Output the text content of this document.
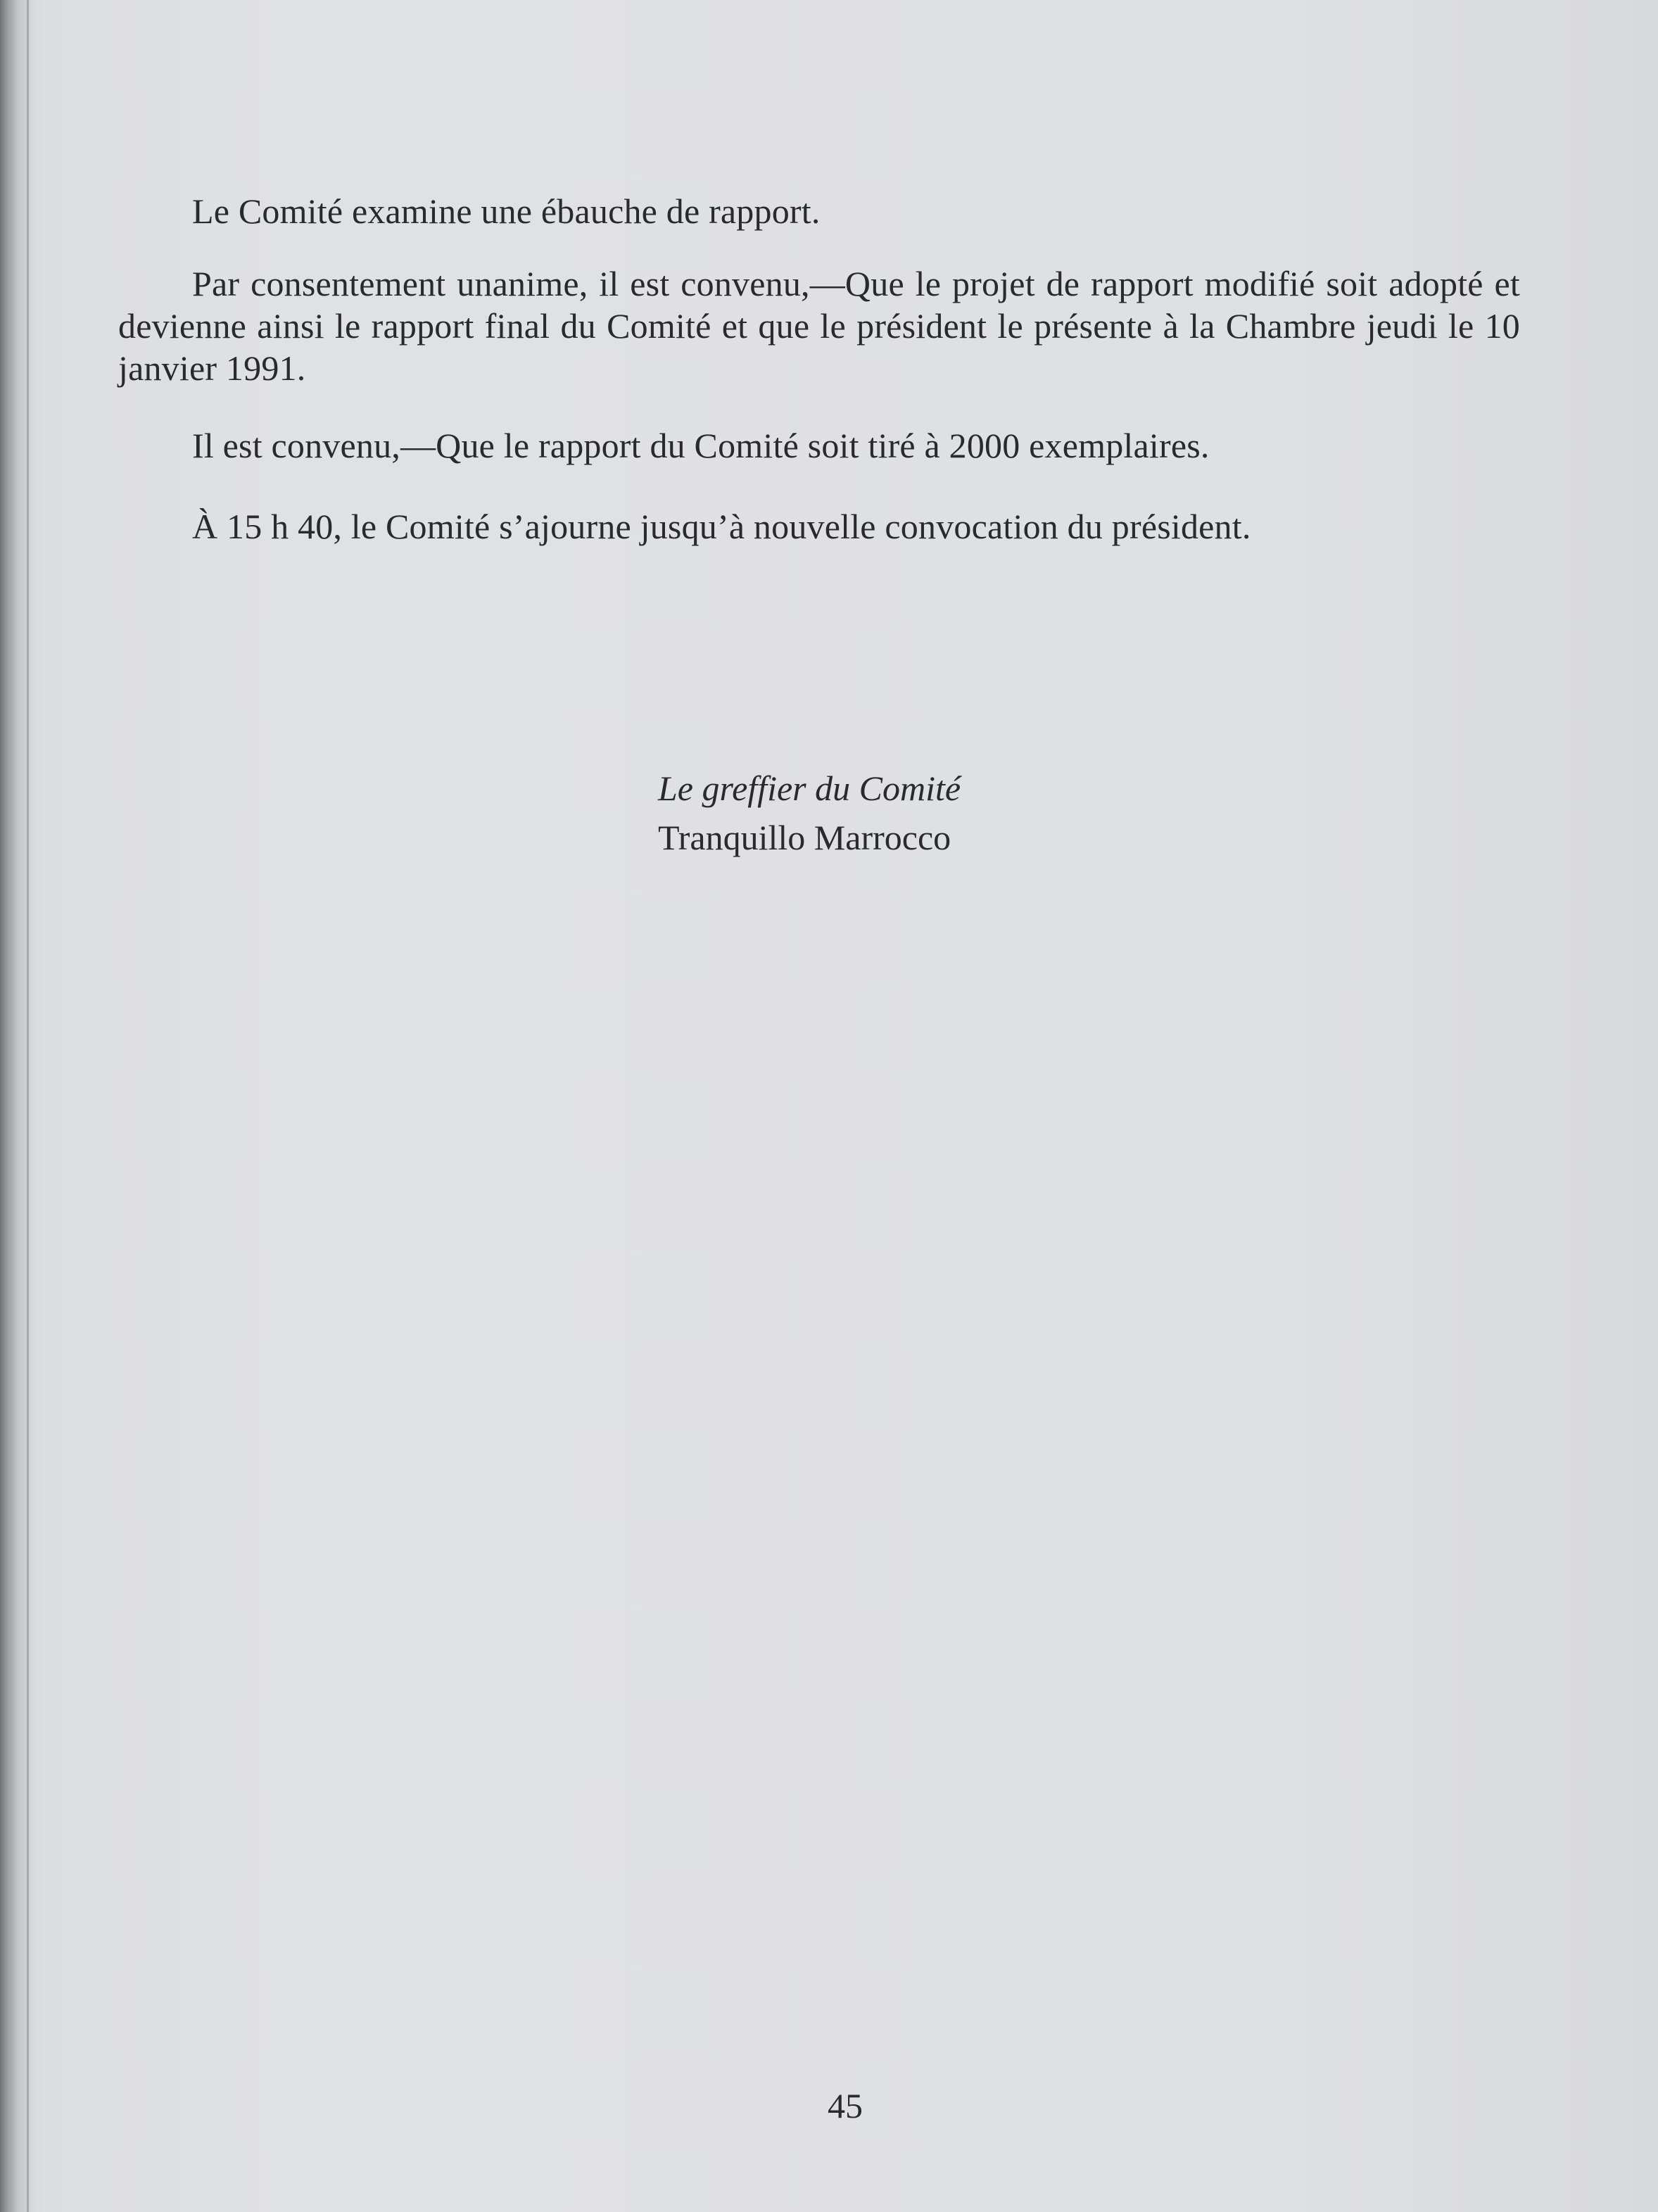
Le Comité examine une ébauche de rapport.

Par consentement unanime, il est convenu,—Que le projet de rapport modifié soit adopté et devienne ainsi le rapport final du Comité et que le président le présente à la Chambre jeudi le 10 janvier 1991.

Il est convenu,—Que le rapport du Comité soit tiré à 2000 exemplaires.

À 15 h 40, le Comité s’ajourne jusqu’à nouvelle convocation du président.

Le greffier du Comité
Tranquillo Marrocco
45
